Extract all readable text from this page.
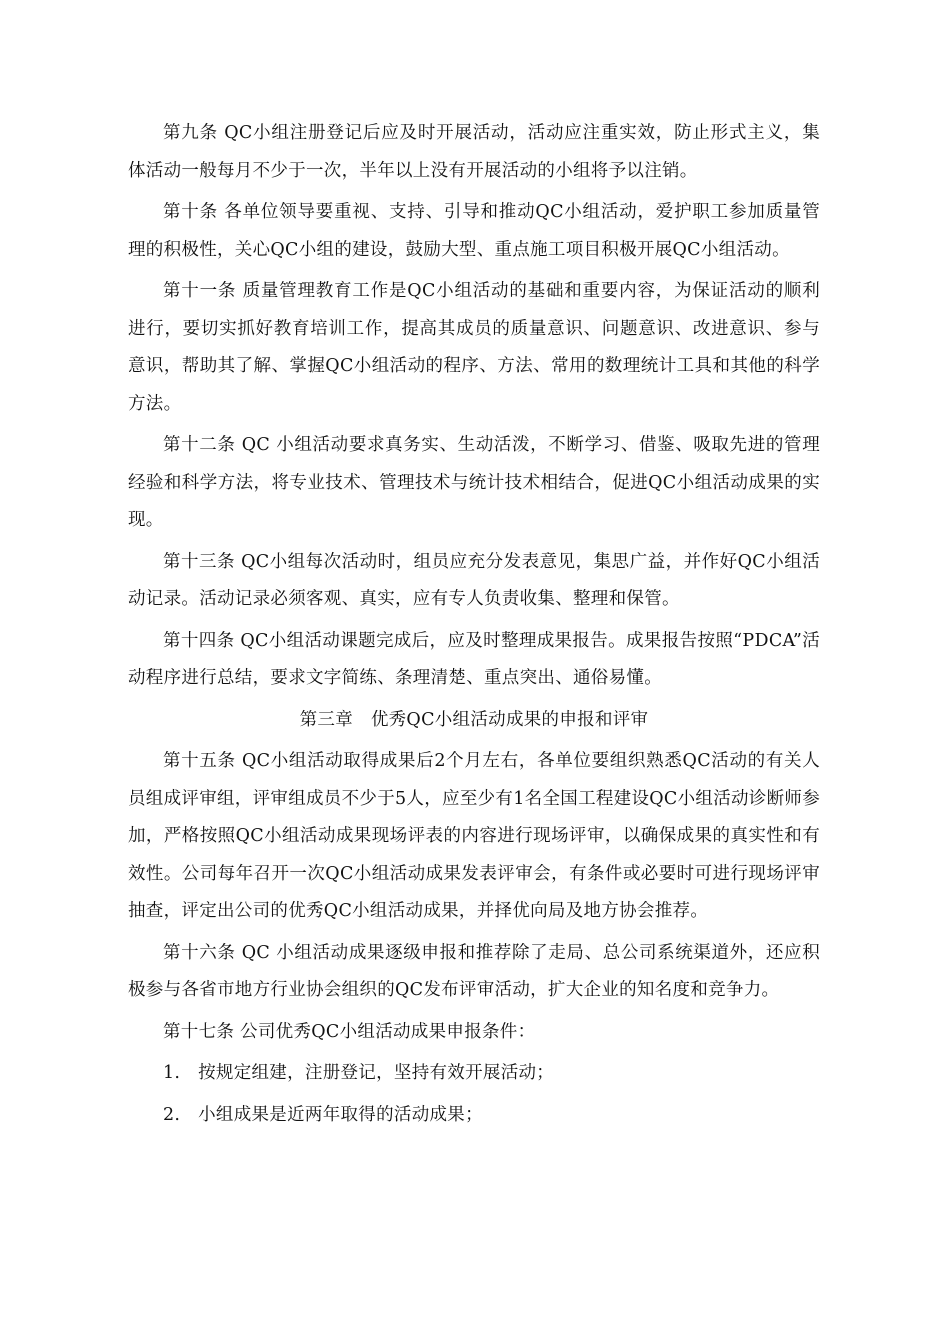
第九条 QC小组注册登记后应及时开展活动，活动应注重实效，防止形式主义，集体活动一般每月不少于一次，半年以上没有开展活动的小组将予以注销。

第十条 各单位领导要重视、支持、引导和推动QC小组活动，爱护职工参加质量管理的积极性，关心QC小组的建设，鼓励大型、重点施工项目积极开展QC小组活动。

第十一条 质量管理教育工作是QC小组活动的基础和重要内容，为保证活动的顺利进行，要切实抓好教育培训工作，提高其成员的质量意识、问题意识、改进意识、参与意识，帮助其了解、掌握QC小组活动的程序、方法、常用的数理统计工具和其他的科学方法。

第十二条 QC 小组活动要求真务实、生动活泼，不断学习、借鉴、吸取先进的管理经验和科学方法，将专业技术、管理技术与统计技术相结合，促进QC小组活动成果的实现。

第十三条 QC小组每次活动时，组员应充分发表意见，集思广益，并作好QC小组活动记录。活动记录必须客观、真实，应有专人负责收集、整理和保管。

第十四条 QC小组活动课题完成后，应及时整理成果报告。成果报告按照“PDCA”活动程序进行总结，要求文字简练、条理清楚、重点突出、通俗易懂。

第三章　优秀QC小组活动成果的申报和评审

第十五条 QC小组活动取得成果后2个月左右，各单位要组织熟悉QC活动的有关人员组成评审组，评审组成员不少于5人，应至少有1名全国工程建设QC小组活动诊断师参加，严格按照QC小组活动成果现场评表的内容进行现场评审，以确保成果的真实性和有效性。公司每年召开一次QC小组活动成果发表评审会，有条件或必要时可进行现场评审抽查，评定出公司的优秀QC小组活动成果，并择优向局及地方协会推荐。

第十六条 QC 小组活动成果逐级申报和推荐除了走局、总公司系统渠道外，还应积极参与各省市地方行业协会组织的QC发布评审活动，扩大企业的知名度和竞争力。

第十七条 公司优秀QC小组活动成果申报条件：

1.　按规定组建，注册登记，坚持有效开展活动；

2.　小组成果是近两年取得的活动成果；
